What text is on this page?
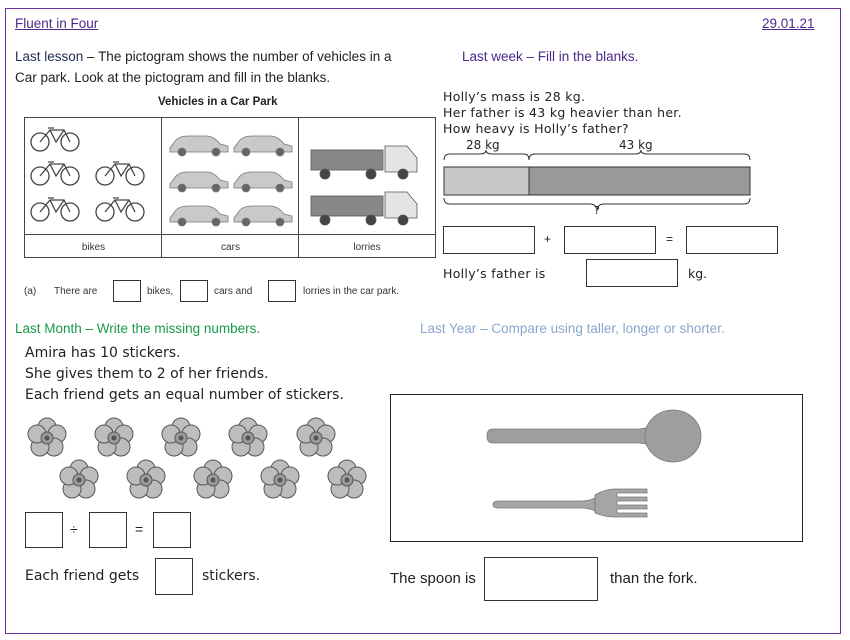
Fluent in Four	29.01.21
Last lesson – The pictogram shows the number of vehicles in a
Car park. Look at the pictogram and fill in the blanks.
Vehicles in a Car Park
bikes	cars	lorries
(a) There are	bikes,	cars and	lorries in the car park.
Last week – Fill in the blanks.
Holly’s mass is 28 kg.
Her father is 43 kg heavier than her.
How heavy is Holly’s father?
28 kg	43 kg
?
+	=
Holly’s father is	kg.
Last Month – Write the missing numbers.
Amira has 10 stickers.
She gives them to 2 of her friends.
Each friend gets an equal number of stickers.
÷	=
Each friend gets	stickers.
Last Year – Compare using taller, longer or shorter.
The spoon is	than the fork.
